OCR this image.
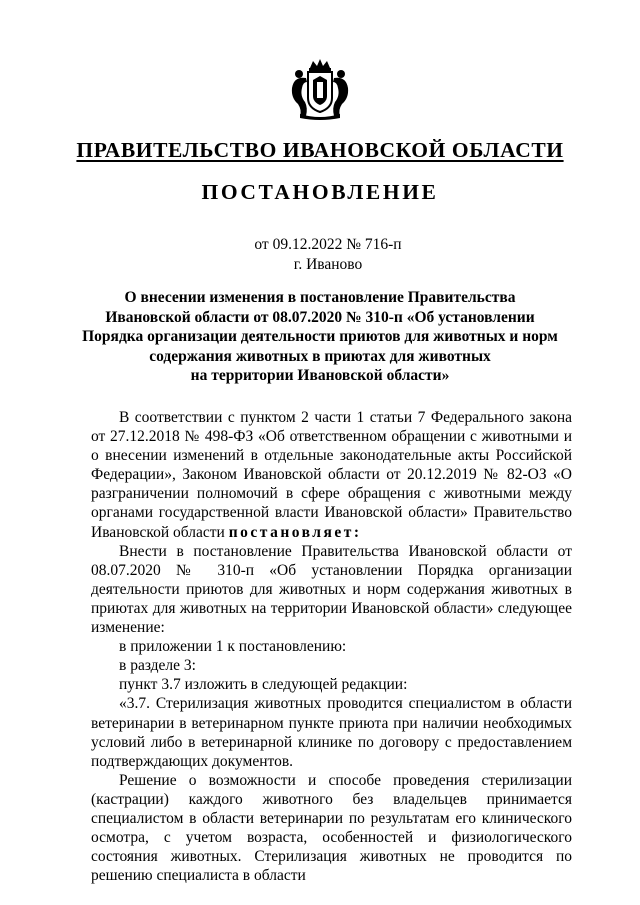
ПРАВИТЕЛЬСТВО ИВАНОВСКОЙ ОБЛАСТИ
ПОСТАНОВЛЕНИЕ
от 09.12.2022 № 716-п
г. Иваново
О внесении изменения в постановление Правительства
Ивановской области от 08.07.2020 № 310-п «Об установлении
Порядка организации деятельности приютов для животных и норм
содержания животных в приютах для животных
на территории Ивановской области»

В соответствии с пунктом 2 части 1 статьи 7 Федерального закона от 27.12.2018 № 498-ФЗ «Об ответственном обращении с животными и о внесении изменений в отдельные законодательные акты Российской Федерации», Законом Ивановской области от 20.12.2019 № 82-ОЗ «О разграничении полномочий в сфере обращения с животными между органами государственной власти Ивановской области» Правительство Ивановской области постановляет:

Внести в постановление Правительства Ивановской области от 08.07.2020 № 310-п «Об установлении Порядка организации деятельности приютов для животных и норм содержания животных в приютах для животных на территории Ивановской области» следующее изменение:

в приложении 1 к постановлению:

в разделе 3:

пункт 3.7 изложить в следующей редакции:

«3.7. Стерилизация животных проводится специалистом в области ветеринарии в ветеринарном пункте приюта при наличии необходимых условий либо в ветеринарной клинике по договору с предоставлением подтверждающих документов.

Решение о возможности и способе проведения стерилизации (кастрации) каждого животного без владельцев принимается специалистом в области ветеринарии по результатам его клинического осмотра, с учетом возраста, особенностей и физиологического состояния животных. Стерилизация животных не проводится по решению специалиста в области
